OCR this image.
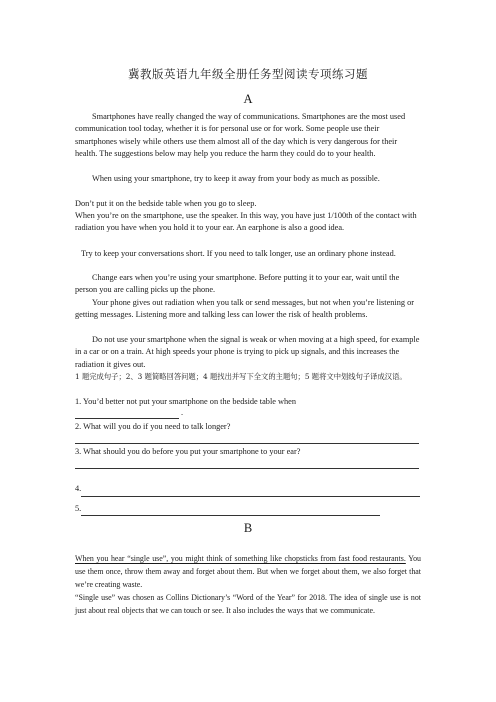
冀教版英语九年级全册任务型阅读专项练习题
A
Smartphones have really changed the way of communications. Smartphones are the most used communication tool today, whether it is for personal use or for work. Some people use their smartphones wisely while others use them almost all of the day which is very dangerous for their health. The suggestions below may help you reduce the harm they could do to your health.
When using your smartphone, try to keep it away from your body as much as possible.
Don’t put it on the bedside table when you go to sleep.
When you’re on the smartphone, use the speaker. In this way, you have just 1/100th of the contact with radiation you have when you hold it to your ear. An earphone is also a good idea.
Try to keep your conversations short. If you need to talk longer, use an ordinary phone instead.
Change ears when you’re using your smartphone. Before putting it to your ear, wait until the person you are calling picks up the phone.
Your phone gives out radiation when you talk or send messages, but not when you’re listening or getting messages. Listening more and talking less can lower the risk of health problems.
Do not use your smartphone when the signal is weak or when moving at a high speed, for example in a car or on a train. At high speeds your phone is trying to pick up signals, and this increases the radiation it gives out.
1 题完成句子；2、3 题简略回答问题；4 题找出并写下全文的主题句；5 题将文中划线句子译成汉语。
1. You’d better not put your smartphone on the bedside table when
.
2. What will you do if you need to talk longer?
3. What should you do before you put your smartphone to your ear?
4.
5.
B
When you hear “single use”, you might think of something like chopsticks from fast food restaurants. You use them once, throw them away and forget about them. But when we forget about them, we also forget that we’re creating waste.
“Single use” was chosen as Collins Dictionary’s “Word of the Year” for 2018. The idea of single use is not just about real objects that we can touch or see. It also includes the ways that we communicate.
